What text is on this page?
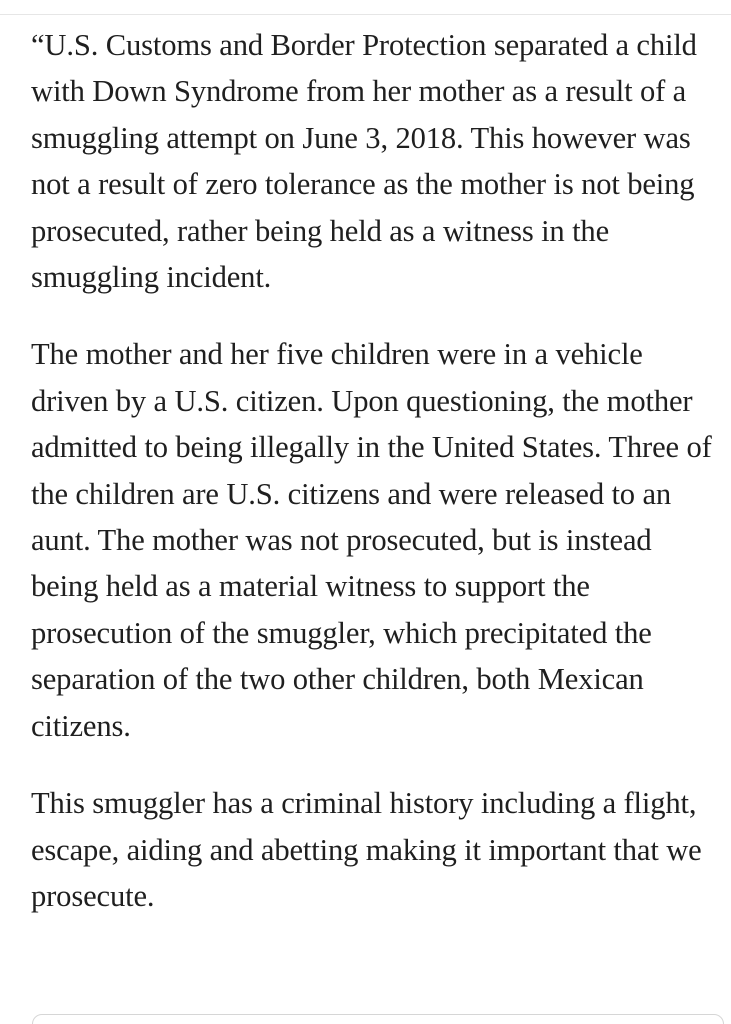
“U.S. Customs and Border Protection separated a child with Down Syndrome from her mother as a result of a smuggling attempt on June 3, 2018. This however was not a result of zero tolerance as the mother is not being prosecuted, rather being held as a witness in the smuggling incident.

The mother and her five children were in a vehicle driven by a U.S. citizen. Upon questioning, the mother admitted to being illegally in the United States. Three of the children are U.S. citizens and were released to an aunt. The mother was not prosecuted, but is instead being held as a material witness to support the prosecution of the smuggler, which precipitated the separation of the two other children, both Mexican citizens.

This smuggler has a criminal history including a flight, escape, aiding and abetting making it important that we prosecute.
